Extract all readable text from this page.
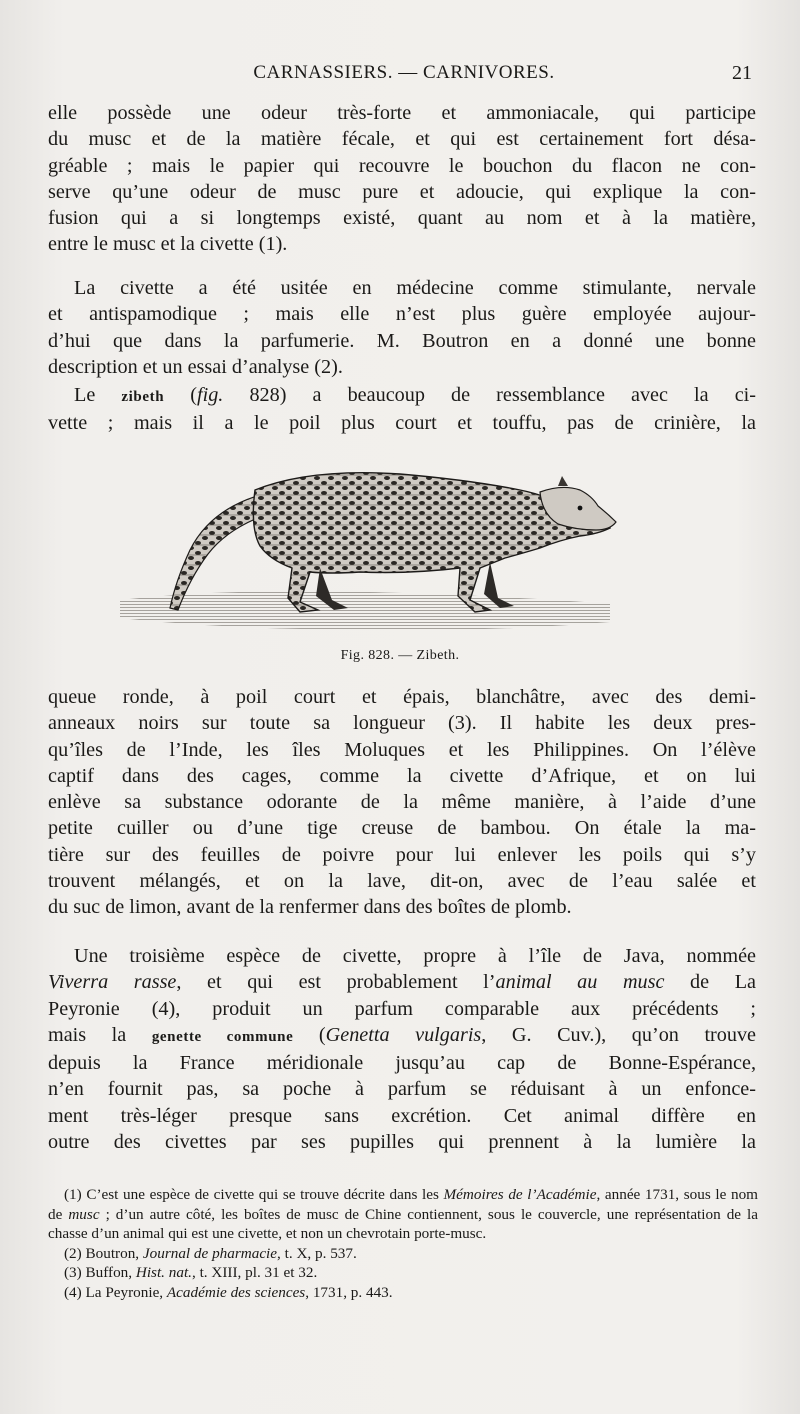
CARNASSIERS. — CARNIVORES.	21
elle possède une odeur très-forte et ammoniacale, qui participe
du musc et de la matière fécale, et qui est certainement fort désa-
gréable ; mais le papier qui recouvre le bouchon du flacon ne con-
serve qu’une odeur de musc pure et adoucie, qui explique la con-
fusion qui a si longtemps existé, quant au nom et à la matière,
entre le musc et la civette (1).
La civette a été usitée en médecine comme stimulante, nervale
et antispamodique ; mais elle n’est plus guère employée aujour-
d’hui que dans la parfumerie. M. Boutron en a donné une bonne
description et un essai d’analyse (2).
Le zibeth (fig. 828) a beaucoup de ressemblance avec la ci-
vette ; mais il a le poil plus court et touffu, pas de crinière, la
Fig. 828. — Zibeth.
queue ronde, à poil court et épais, blanchâtre, avec des demi-
anneaux noirs sur toute sa longueur (3). Il habite les deux pres-
qu’îles de l’Inde, les îles Moluques et les Philippines. On l’élève
captif dans des cages, comme la civette d’Afrique, et on lui
enlève sa substance odorante de la même manière, à l’aide d’une
petite cuiller ou d’une tige creuse de bambou. On étale la ma-
tière sur des feuilles de poivre pour lui enlever les poils qui s’y
trouvent mélangés, et on la lave, dit-on, avec de l’eau salée et
du suc de limon, avant de la renfermer dans des boîtes de plomb.
Une troisième espèce de civette, propre à l’île de Java, nommée
Viverra rasse, et qui est probablement l’animal au musc de La
Peyronie (4), produit un parfum comparable aux précédents ;
mais la genette commune (Genetta vulgaris, G. Cuv.), qu’on trouve
depuis la France méridionale jusqu’au cap de Bonne-Espérance,
n’en fournit pas, sa poche à parfum se réduisant à un enfonce-
ment très-léger presque sans excrétion. Cet animal diffère en
outre des civettes par ses pupilles qui prennent à la lumière la
(1) C’est une espèce de civette qui se trouve décrite dans les Mémoires de l’Académie, année 1731, sous le nom de musc ; d’un autre côté, les boîtes de musc de Chine contiennent, sous le couvercle, une représentation de la chasse d’un animal qui est une civette, et non un chevrotain porte-musc.
(2) Boutron, Journal de pharmacie, t. X, p. 537.
(3) Buffon, Hist. nat., t. XIII, pl. 31 et 32.
(4) La Peyronie, Académie des sciences, 1731, p. 443.
